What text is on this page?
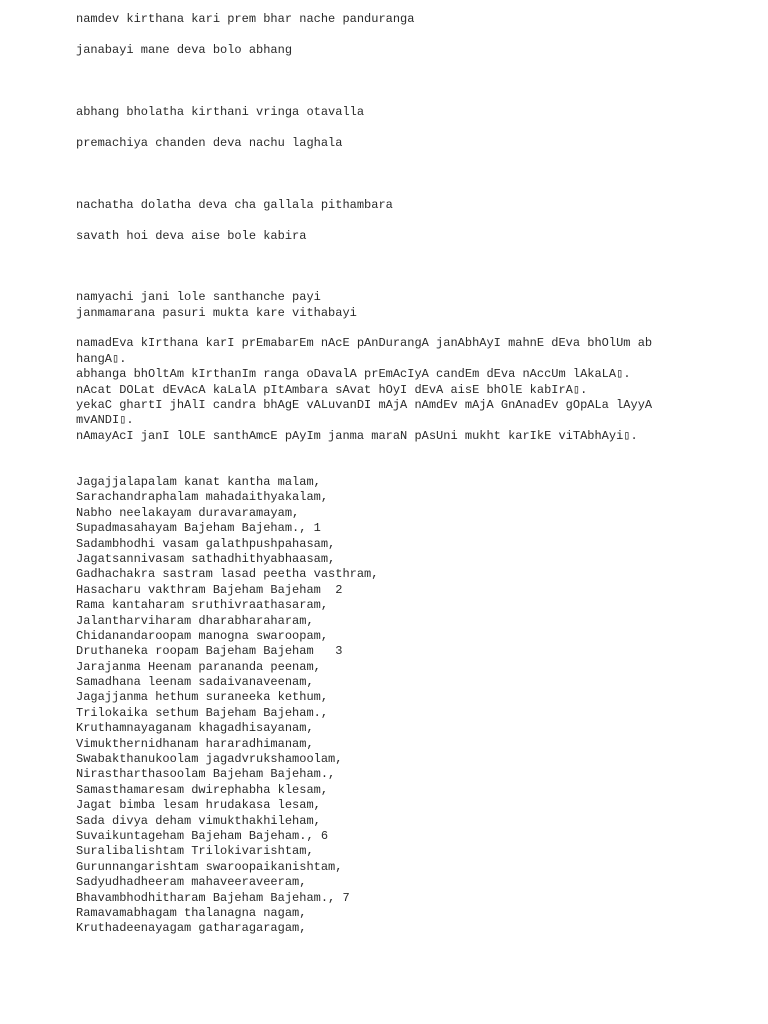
namdev kirthana kari prem bhar nache panduranga
janabayi mane deva bolo abhang
abhang bholatha kirthani vringa otavalla
premachiya chanden deva nachu laghala
nachatha dolatha deva cha gallala pithambara
savath hoi deva aise bole kabira
namyachi jani lole santhanche payi
janmamarana pasuri mukta kare vithabayi
namadEva kIrthana karI prEmabarEm nAcE pAnDurangA janAbhAyI mahnE dEva bhOlUm ab
hangA▯.
abhanga bhOltAm kIrthanIm ranga oDavalA prEmAcIyA candEm dEva nAccUm lAkaLA▯.
nAcat DOLat dEvAcA kaLalA pItAmbara sAvat hOyI dEvA aisE bhOlE kabIrA▯.
yekaC ghartI jhAlI candra bhAgE vALuvanDI mAjA nAmdEv mAjA GnAnadEv gOpALa lAyyA
mvANDI▯.
nAmayAcI janI lOLE santhAmcE pAyIm janma maraN pAsUni mukht karIkE viTAbhAyi▯.
Jagajjalapalam kanat kantha malam,
Sarachandraphalam mahadaithyakalam,
Nabho neelakayam duravaramayam,
Supadmasahayam Bajeham Bajeham., 1
Sadambhodhi vasam galathpushpahasam,
Jagatsannivasam sathadhithyabhaasam,
Gadhachakra sastram lasad peetha vasthram,
Hasacharu vakthram Bajeham Bajeham  2
Rama kantaharam sruthivraathasaram,
Jalantharviharam dharabharaharam,
Chidanandaroopam manogna swaroopam,
Druthaneka roopam Bajeham Bajeham   3
Jarajanma Heenam parananda peenam,
Samadhana leenam sadaivanaveenam,
Jagajjanma hethum suraneeka kethum,
Trilokaika sethum Bajeham Bajeham.,
Kruthamnayaganam khagadhisayanam,
Vimukthernidhanam hararadhimanam,
Swabakthanukoolam jagadvrukshamoolam,
Nirastharthasoolam Bajeham Bajeham.,
Samasthamaresam dwirephabha klesam,
Jagat bimba lesam hrudakasa lesam,
Sada divya deham vimukthakhileham,
Suvaikuntageham Bajeham Bajeham., 6
Suralibalishtam Trilokivarishtam,
Gurunnangarishtam swaroopaikanishtam,
Sadyudhadheeram mahaveeraveeram,
Bhavambhodhitharam Bajeham Bajeham., 7
Ramavamabhagam thalanagna nagam,
Kruthadeenayagam gatharagaragam,
